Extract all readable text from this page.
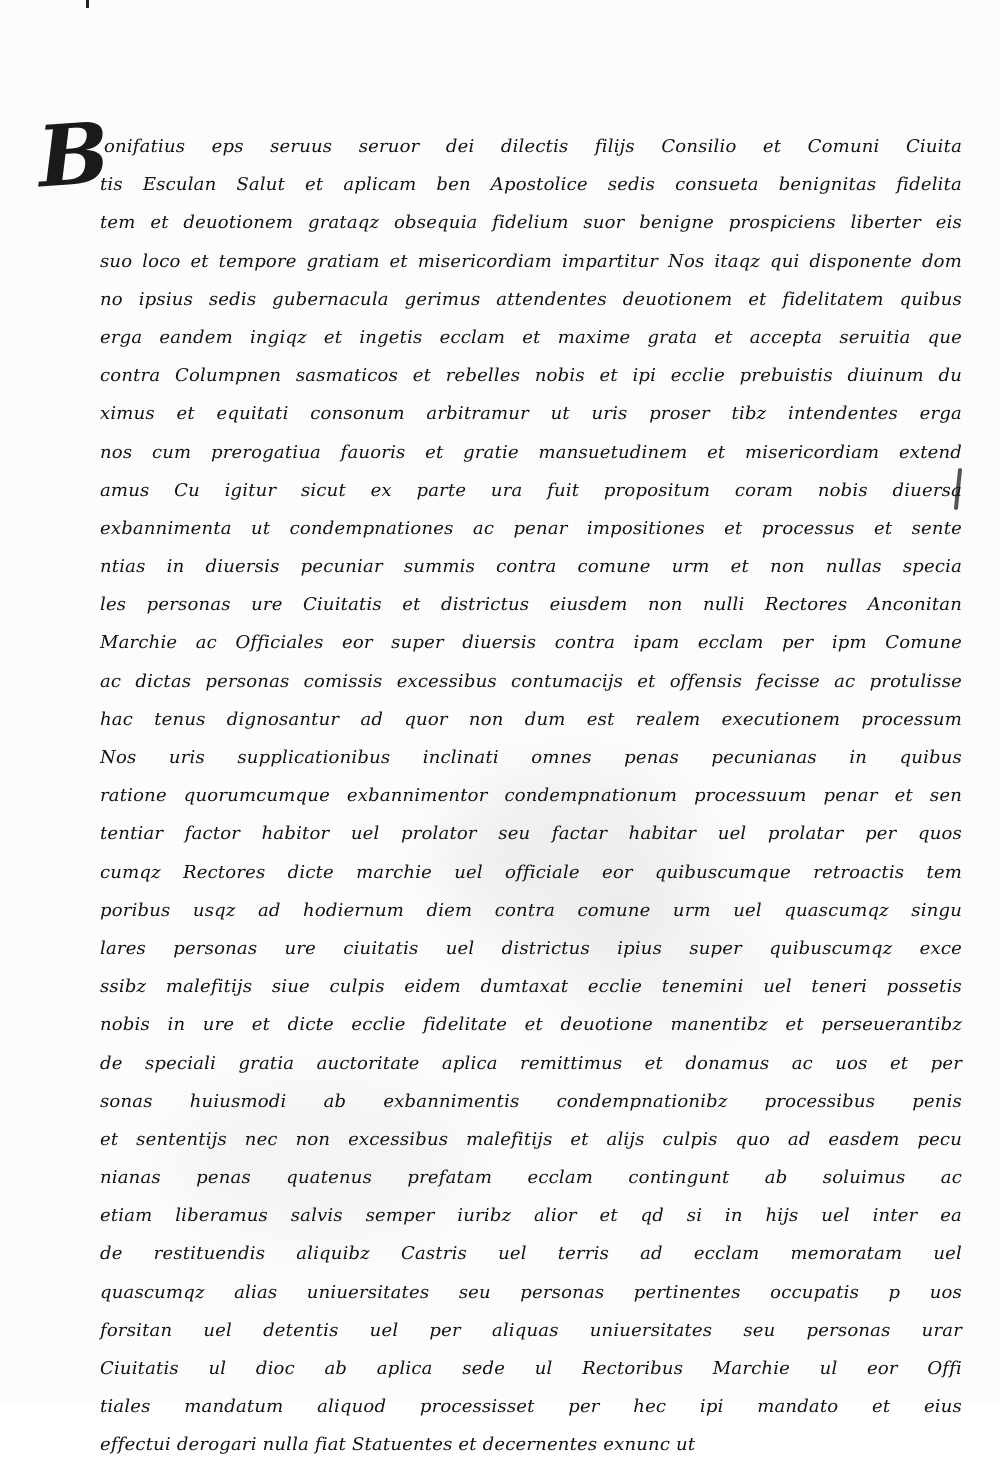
B
onifatius eps seruus seruor dei dilectis filijs Consilio et Comuni Ciuita
tis Esculan Salut et aplicam ben Apostolice sedis consueta benignitas fidelita
tem et deuotionem grataqz obsequia fidelium suor benigne prospiciens liberter eis
suo loco et tempore gratiam et misericordiam impartitur Nos itaqz qui disponente dom
no ipsius sedis gubernacula gerimus attendentes deuotionem et fidelitatem quibus
erga eandem ingiqz et ingetis ecclam et maxime grata et accepta seruitia que
contra Columpnen sasmaticos et rebelles nobis et ipi ecclie prebuistis diuinum du
ximus et equitati consonum arbitramur ut uris proser tibz intendentes erga
nos cum prerogatiua fauoris et gratie mansuetudinem et misericordiam extend
amus Cu igitur sicut ex parte ura fuit propositum coram nobis diuersa
exbannimenta ut condempnationes ac penar impositiones et processus et sente
ntias in diuersis pecuniar summis contra comune urm et non nullas specia
les personas ure Ciuitatis et districtus eiusdem non nulli Rectores Anconitan
Marchie ac Officiales eor super diuersis contra ipam ecclam per ipm Comune
ac dictas personas comissis excessibus contumacijs et offensis fecisse ac protulisse
hac tenus dignosantur ad quor non dum est realem executionem processum
Nos uris supplicationibus inclinati omnes penas pecunianas in quibus
ratione quorumcumque exbannimentor condempnationum processuum penar et sen
tentiar factor habitor uel prolator seu factar habitar uel prolatar per quos
cumqz Rectores dicte marchie uel officiale eor quibuscumque retroactis tem
poribus usqz ad hodiernum diem contra comune urm uel quascumqz singu
lares personas ure ciuitatis uel districtus ipius super quibuscumqz exce
ssibz malefitijs siue culpis eidem dumtaxat ecclie tenemini uel teneri possetis
nobis in ure et dicte ecclie fidelitate et deuotione manentibz et perseuerantibz
de speciali gratia auctoritate aplica remittimus et donamus ac uos et per
sonas huiusmodi ab exbannimentis condempnationibz processibus penis
et sententijs nec non excessibus malefitijs et alijs culpis quo ad easdem pecu
nianas penas quatenus prefatam ecclam contingunt ab soluimus ac
etiam liberamus salvis semper iuribz alior et qd si in hijs uel inter ea
de restituendis aliquibz Castris uel terris ad ecclam memoratam uel
quascumqz alias uniuersitates seu personas pertinentes occupatis p uos
forsitan uel detentis uel per aliquas uniuersitates seu personas urar
Ciuitatis ul dioc ab aplica sede ul Rectoribus Marchie ul eor Offi
tiales mandatum aliquod processisset per hec ipi mandato et eius
effectui derogari nulla fiat Statuentes et decernentes exnunc ut
